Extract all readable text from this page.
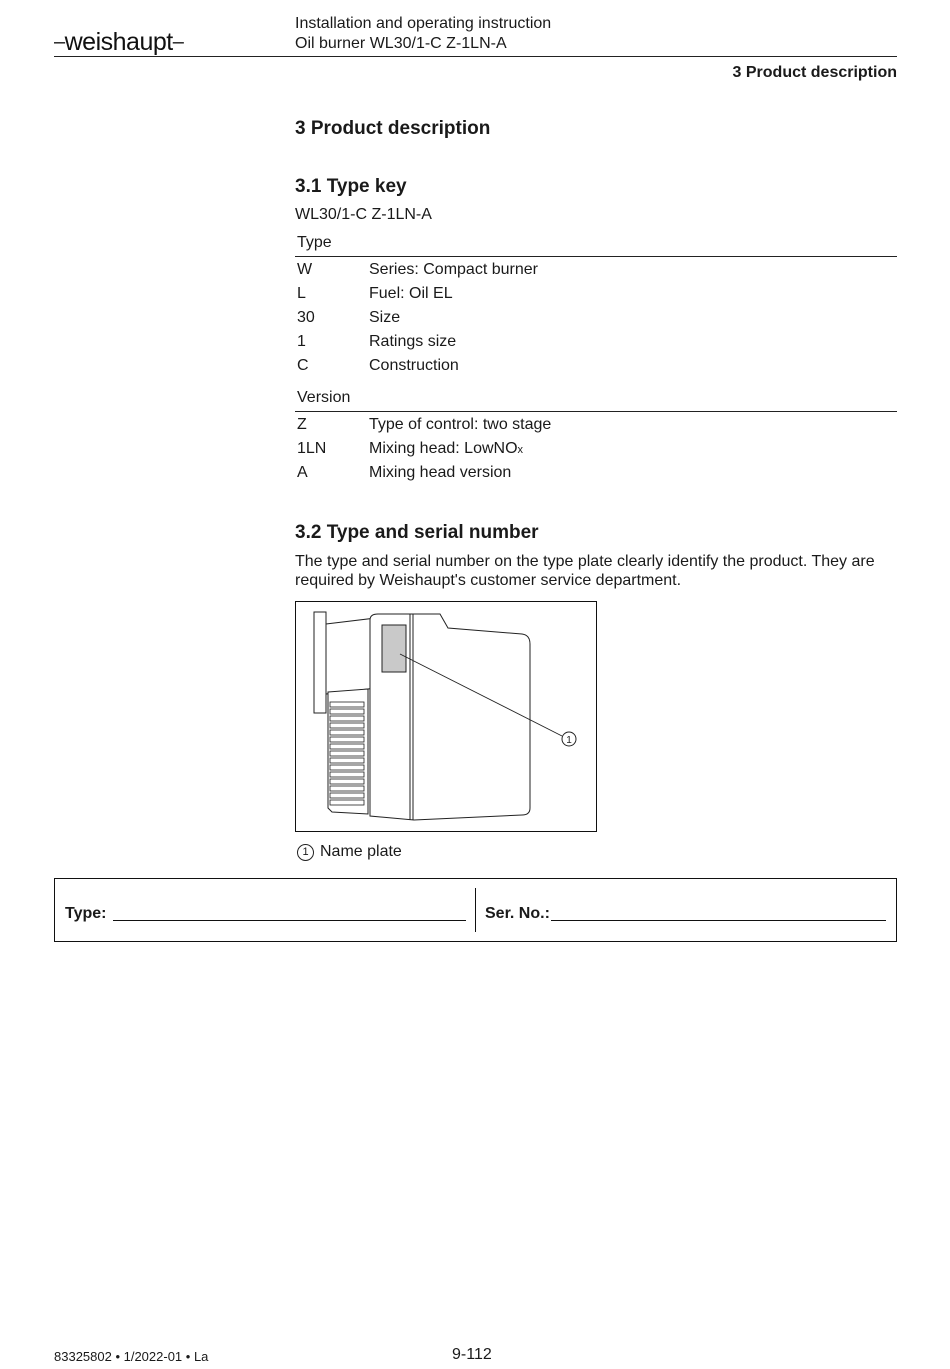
–weishaupt–
Installation and operating instruction
Oil burner WL30/1-C Z-1LN-A
3 Product description
3 Product description
3.1 Type key
WL30/1-C Z-1LN-A
Type
W	Series: Compact burner
L	Fuel: Oil EL
30	Size
1	Ratings size
C	Construction
Version
Z	Type of control: two stage
1LN	Mixing head: LowNOx
A	Mixing head version
3.2 Type and serial number
The type and serial number on the type plate clearly identify the product. They are required by Weishaupt's customer service department.
1
1 Name plate
Type:	Ser. No.:
83325802 • 1/2022-01 • La	9-112
